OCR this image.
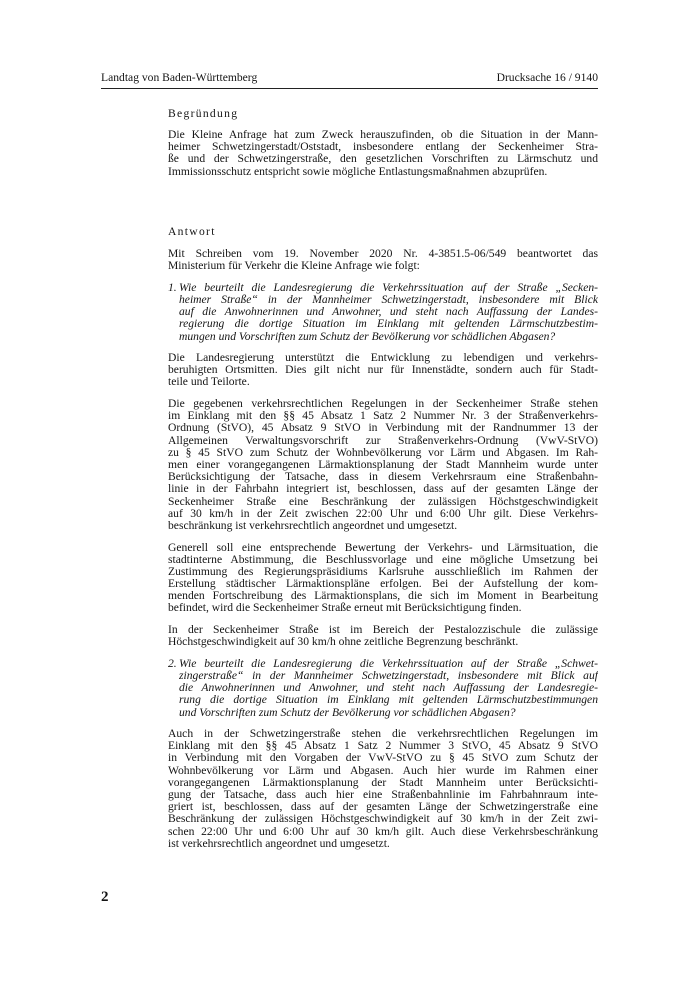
Landtag von Baden-Württemberg	Drucksache 16 / 9140
Begründung
Die Kleine Anfrage hat zum Zweck herauszufinden, ob die Situation in der Mann-
heimer Schwetzingerstadt/Oststadt, insbesondere entlang der Seckenheimer Stra-
ße und der Schwetzingerstraße, den gesetzlichen Vorschriften zu Lärmschutz und
Immissionsschutz entspricht sowie mögliche Entlastungsmaßnahmen abzuprüfen.
Antwort
Mit Schreiben vom 19. November 2020 Nr. 4-3851.5-06/549 beantwortet das
Ministerium für Verkehr die Kleine Anfrage wie folgt:
1. Wie beurteilt die Landesregierung die Verkehrssituation auf der Straße „Secken-
heimer Straße“ in der Mannheimer Schwetzingerstadt, insbesondere mit Blick
auf die Anwohnerinnen und Anwohner, und steht nach Auffassung der Landes-
regierung die dortige Situation im Einklang mit geltenden Lärmschutzbestim-
mungen und Vorschriften zum Schutz der Bevölkerung vor schädlichen Abgasen?
Die Landesregierung unterstützt die Entwicklung zu lebendigen und verkehrs-
beruhigten Ortsmitten. Dies gilt nicht nur für Innenstädte, sondern auch für Stadt-
teile und Teilorte.
Die gegebenen verkehrsrechtlichen Regelungen in der Seckenheimer Straße stehen
im Einklang mit den §§ 45 Absatz 1 Satz 2 Nummer Nr. 3 der Straßenverkehrs-
Ordnung (StVO), 45 Absatz 9 StVO in Verbindung mit der Randnummer 13 der
Allgemeinen Verwaltungsvorschrift zur Straßenverkehrs-Ordnung (VwV-StVO)
zu § 45 StVO zum Schutz der Wohnbevölkerung vor Lärm und Abgasen. Im Rah-
men einer vorangegangenen Lärmaktionsplanung der Stadt Mannheim wurde unter
Berücksichtigung der Tatsache, dass in diesem Verkehrsraum eine Straßenbahn-
linie in der Fahrbahn integriert ist, beschlossen, dass auf der gesamten Länge der
Seckenheimer Straße eine Beschränkung der zulässigen Höchstgeschwindigkeit
auf 30 km/h in der Zeit zwischen 22:00 Uhr und 6:00 Uhr gilt. Diese Verkehrs-
beschränkung ist verkehrsrechtlich angeordnet und umgesetzt.
Generell soll eine entsprechende Bewertung der Verkehrs- und Lärmsituation, die
stadtinterne Abstimmung, die Beschlussvorlage und eine mögliche Umsetzung bei
Zustimmung des Regierungspräsidiums Karlsruhe ausschließlich im Rahmen der
Erstellung städtischer Lärmaktionspläne erfolgen. Bei der Aufstellung der kom-
menden Fortschreibung des Lärmaktionsplans, die sich im Moment in Bearbeitung
befindet, wird die Seckenheimer Straße erneut mit Berücksichtigung finden.
In der Seckenheimer Straße ist im Bereich der Pestalozzischule die zulässige
Höchstgeschwindigkeit auf 30 km/h ohne zeitliche Begrenzung beschränkt.
2. Wie beurteilt die Landesregierung die Verkehrssituation auf der Straße „Schwet-
zingerstraße“ in der Mannheimer Schwetzingerstadt, insbesondere mit Blick auf
die Anwohnerinnen und Anwohner, und steht nach Auffassung der Landesregie-
rung die dortige Situation im Einklang mit geltenden Lärmschutzbestimmungen
und Vorschriften zum Schutz der Bevölkerung vor schädlichen Abgasen?
Auch in der Schwetzingerstraße stehen die verkehrsrechtlichen Regelungen im
Einklang mit den §§ 45 Absatz 1 Satz 2 Nummer 3 StVO, 45 Absatz 9 StVO
in Verbindung mit den Vorgaben der VwV-StVO zu § 45 StVO zum Schutz der
Wohnbevölkerung vor Lärm und Abgasen. Auch hier wurde im Rahmen einer
vorangegangenen Lärmaktionsplanung der Stadt Mannheim unter Berücksichti-
gung der Tatsache, dass auch hier eine Straßenbahnlinie im Fahrbahnraum inte-
griert ist, beschlossen, dass auf der gesamten Länge der Schwetzingerstraße eine
Beschränkung der zulässigen Höchstgeschwindigkeit auf 30 km/h in der Zeit zwi-
schen 22:00 Uhr und 6:00 Uhr auf 30 km/h gilt. Auch diese Verkehrsbeschränkung
ist verkehrsrechtlich angeordnet und umgesetzt.
2
